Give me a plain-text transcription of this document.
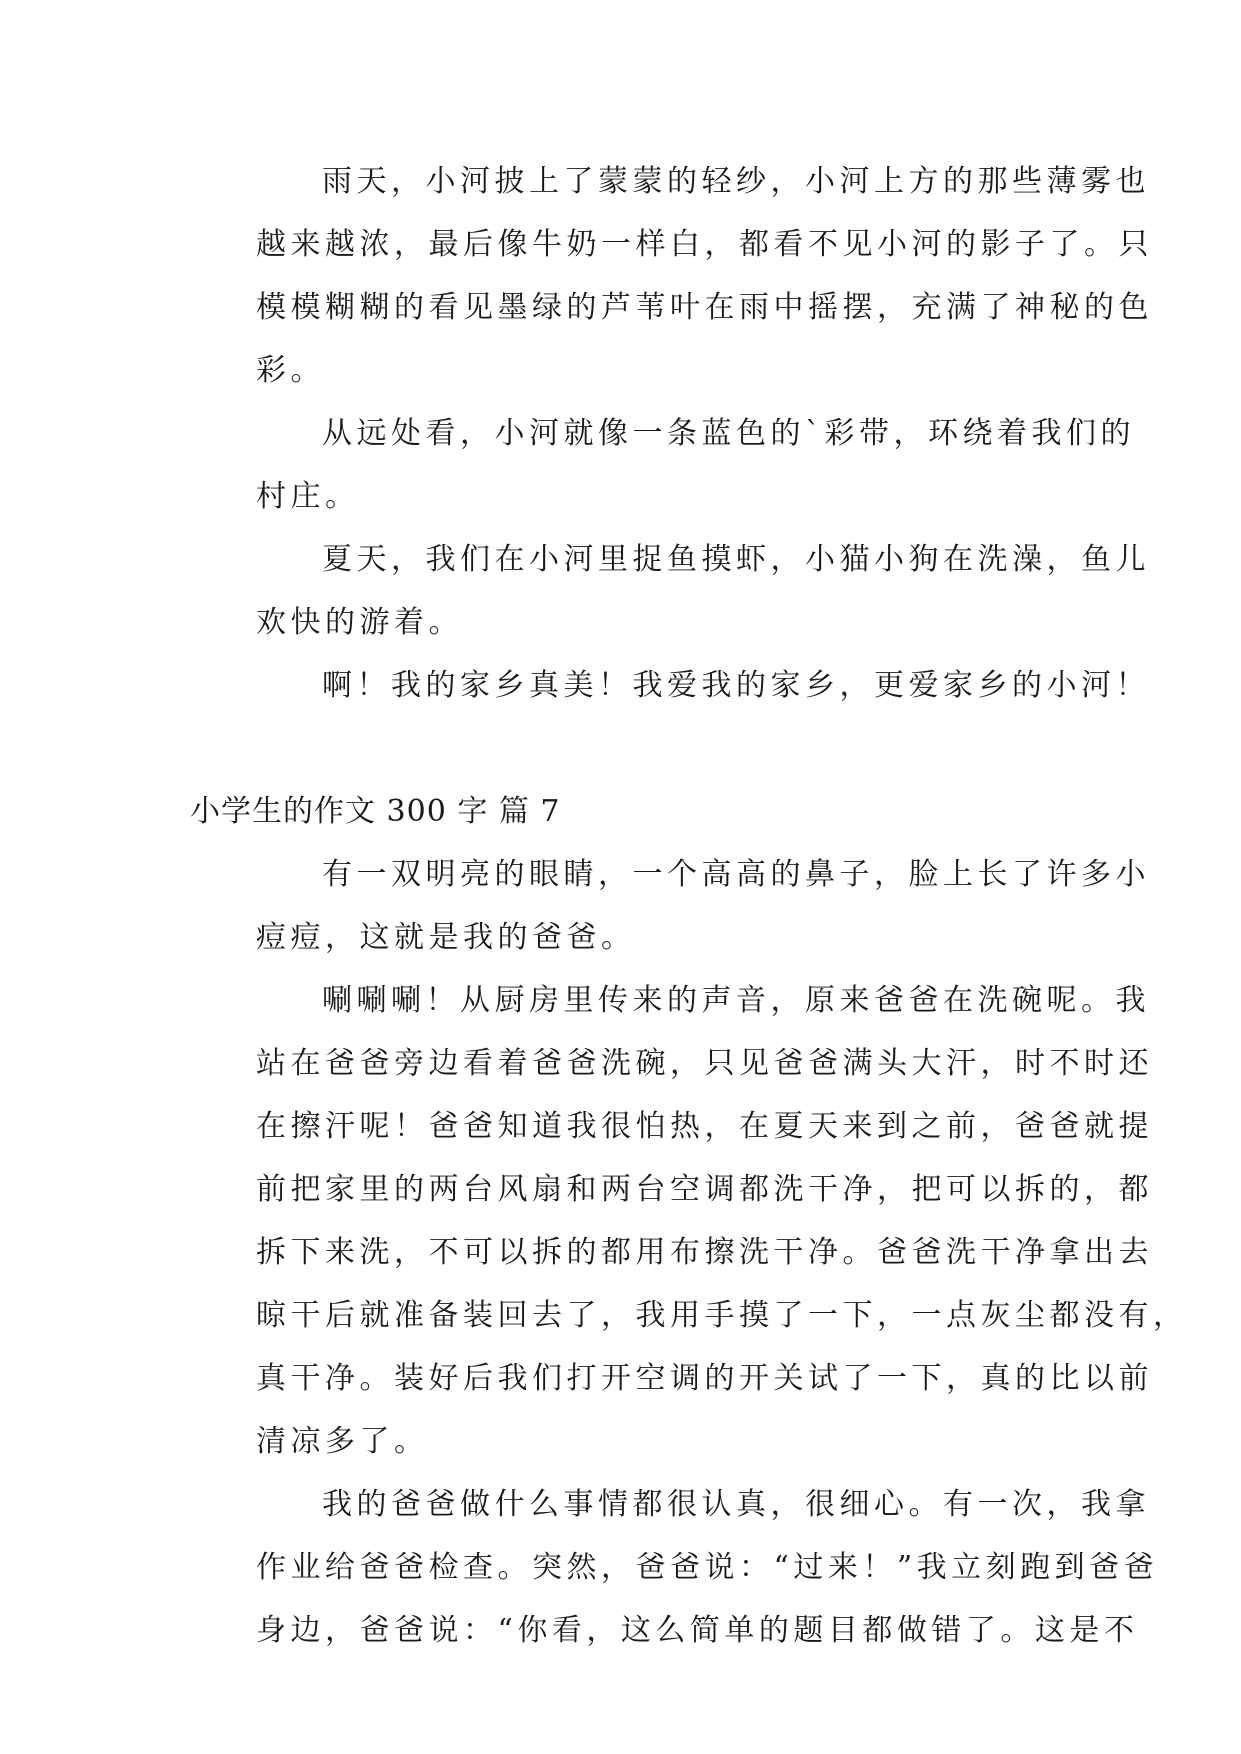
雨天，小河披上了蒙蒙的轻纱，小河上方的那些薄雾也
越来越浓，最后像牛奶一样白，都看不见小河的影子了。只
模模糊糊的看见墨绿的芦苇叶在雨中摇摆，充满了神秘的色
彩。
从远处看，小河就像一条蓝色的`彩带，环绕着我们的
村庄。
夏天，我们在小河里捉鱼摸虾，小猫小狗在洗澡，鱼儿
欢快的游着。
啊！我的家乡真美！我爱我的家乡，更爱家乡的小河！
小学生的作文 300 字 篇 7
有一双明亮的眼睛，一个高高的鼻子，脸上长了许多小
痘痘，这就是我的爸爸。
唰唰唰！从厨房里传来的声音，原来爸爸在洗碗呢。我
站在爸爸旁边看着爸爸洗碗，只见爸爸满头大汗，时不时还
在擦汗呢！爸爸知道我很怕热，在夏天来到之前，爸爸就提
前把家里的两台风扇和两台空调都洗干净，把可以拆的，都
拆下来洗，不可以拆的都用布擦洗干净。爸爸洗干净拿出去
晾干后就准备装回去了，我用手摸了一下，一点灰尘都没有，
真干净。装好后我们打开空调的开关试了一下，真的比以前
清凉多了。
我的爸爸做什么事情都很认真，很细心。有一次，我拿
作业给爸爸检查。突然，爸爸说：“过来！”我立刻跑到爸爸
身边，爸爸说：“你看，这么简单的题目都做错了。这是不
